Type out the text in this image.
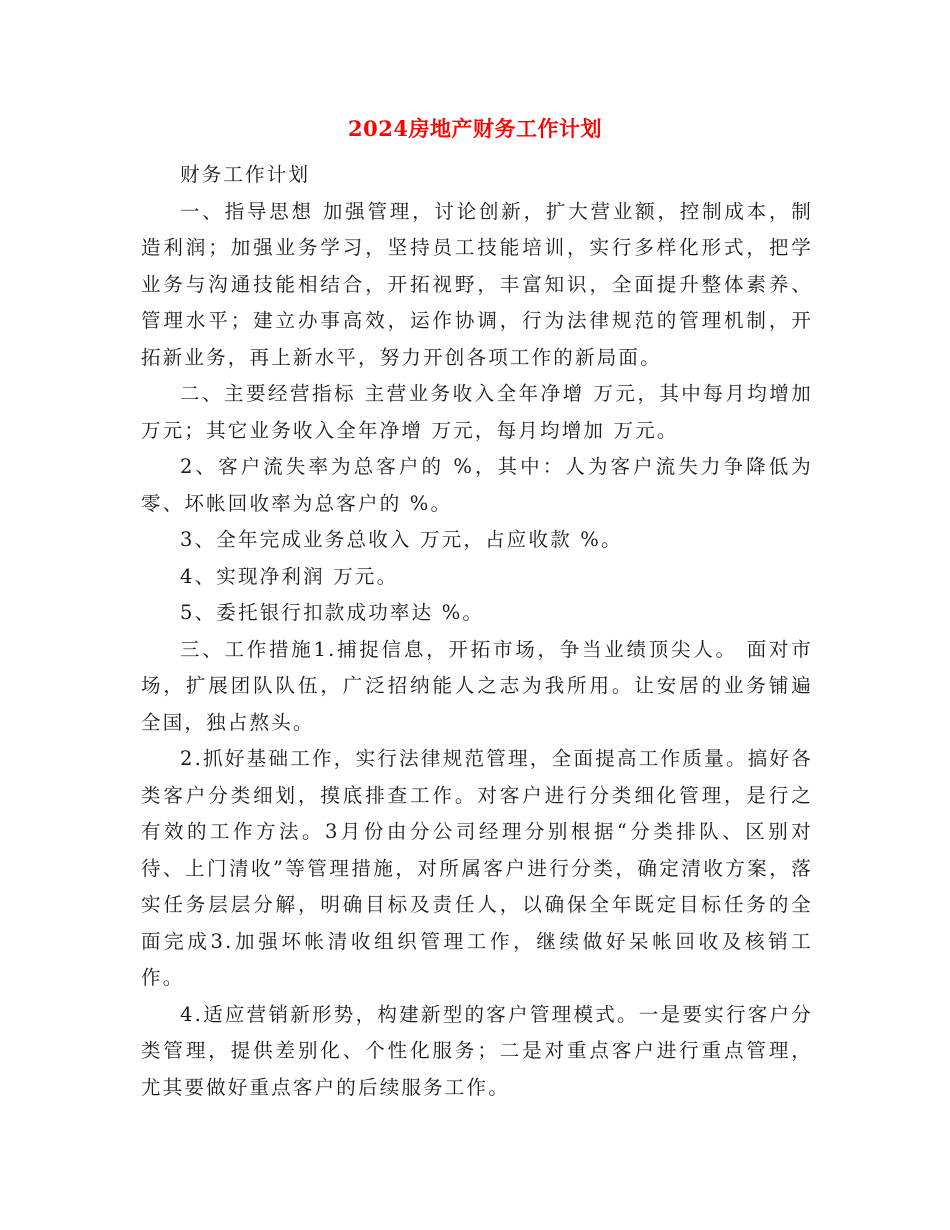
2024房地产财务工作计划

财务工作计划

一、指导思想 加强管理，讨论创新，扩大营业额，控制成本，制造利润；加强业务学习，坚持员工技能培训，实行多样化形式，把学业务与沟通技能相结合，开拓视野，丰富知识，全面提升整体素养、管理水平；建立办事高效，运作协调，行为法律规范的管理机制，开拓新业务，再上新水平，努力开创各项工作的新局面。

二、主要经营指标 主营业务收入全年净增 万元，其中每月均增加 万元；其它业务收入全年净增 万元，每月均增加 万元。

2、客户流失率为总客户的 %，其中：人为客户流失力争降低为零、坏帐回收率为总客户的 %。

3、全年完成业务总收入 万元，占应收款 %。

4、实现净利润 万元。

5、委托银行扣款成功率达 %。

三、工作措施1.捕捉信息，开拓市场，争当业绩顶尖人。 面对市场，扩展团队队伍，广泛招纳能人之志为我所用。让安居的业务铺遍全国，独占熬头。

2.抓好基础工作，实行法律规范管理，全面提高工作质量。搞好各类客户分类细划，摸底排查工作。对客户进行分类细化管理，是行之有效的工作方法。3月份由分公司经理分别根据“分类排队、区别对待、上门清收”等管理措施，对所属客户进行分类，确定清收方案，落实任务层层分解，明确目标及责任人，以确保全年既定目标任务的全面完成3.加强坏帐清收组织管理工作，继续做好呆帐回收及核销工作。

4.适应营销新形势，构建新型的客户管理模式。一是要实行客户分类管理，提供差别化、个性化服务；二是对重点客户进行重点管理，尤其要做好重点客户的后续服务工作。
